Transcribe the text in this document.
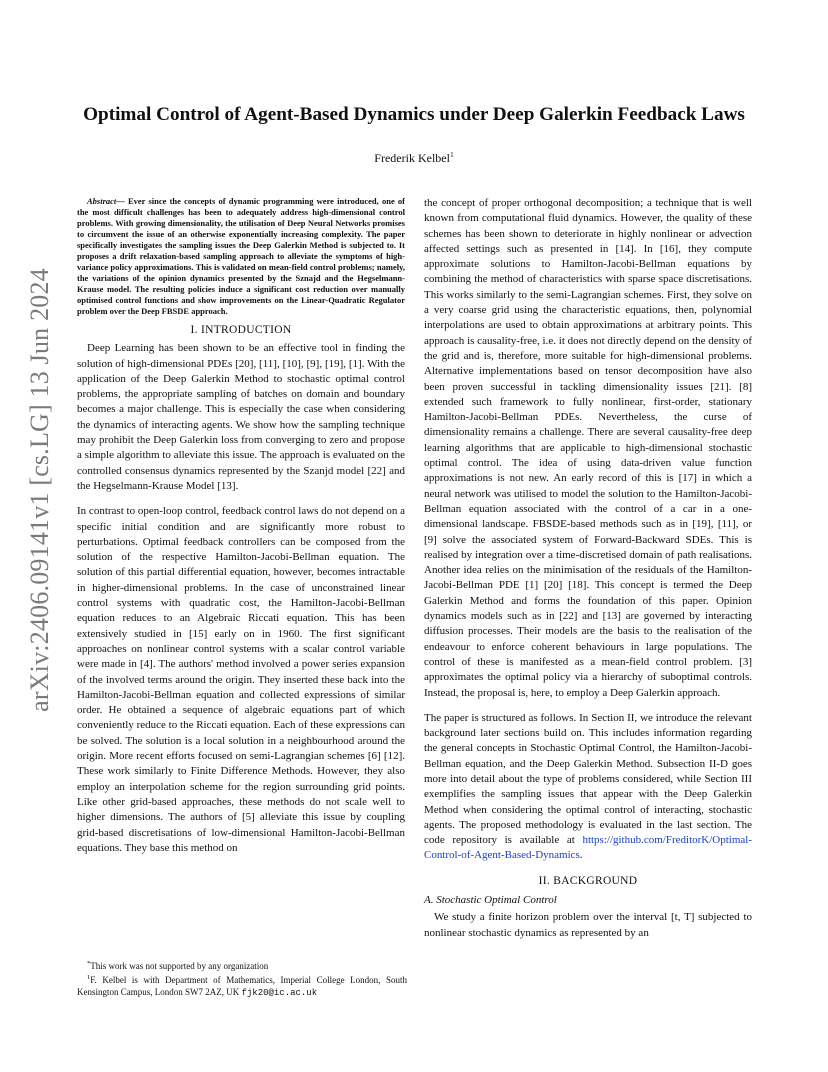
arXiv:2406.09141v1 [cs.LG] 13 Jun 2024
Optimal Control of Agent-Based Dynamics under Deep Galerkin Feedback Laws
Frederik Kelbel$^1$

Abstract— Ever since the concepts of dynamic programming were introduced, one of the most difficult challenges has been to adequately address high-dimensional control problems. With growing dimensionality, the utilisation of Deep Neural Networks promises to circumvent the issue of an otherwise exponentially increasing complexity. The paper specifically investigates the sampling issues the Deep Galerkin Method is subjected to. It proposes a drift relaxation-based sampling approach to alleviate the symptoms of high-variance policy approximations. This is validated on mean-field control problems; namely, the variations of the opinion dynamics presented by the Sznajd and the Hegselmann-Krause model. The resulting policies induce a significant cost reduction over manually optimised control functions and show improvements on the Linear-Quadratic Regulator problem over the Deep FBSDE approach.

I. INTRODUCTION

Deep Learning has been shown to be an effective tool in finding the solution of high-dimensional PDEs [20], [11], [10], [9], [19], [1]. With the application of the Deep Galerkin Method to stochastic optimal control problems, the appropriate sampling of batches on domain and boundary becomes a major challenge. This is especially the case when considering the dynamics of interacting agents. We show how the sampling technique may prohibit the Deep Galerkin loss from converging to zero and propose a simple algorithm to alleviate this issue. The approach is evaluated on the controlled consensus dynamics represented by the Szanjd model [22] and the Hegselmann-Krause Model [13].

In contrast to open-loop control, feedback control laws do not depend on a specific initial condition and are significantly more robust to perturbations. Optimal feedback controllers can be composed from the solution of the respective Hamilton-Jacobi-Bellman equation. The solution of this partial differential equation, however, becomes intractable in higher-dimensional problems. In the case of unconstrained linear control systems with quadratic cost, the Hamilton-Jacobi-Bellman equation reduces to an Algebraic Riccati equation. This has been extensively studied in [15] early on in 1960. The first significant approaches on nonlinear control systems with a scalar control variable were made in [4]. The authors' method involved a power series expansion of the involved terms around the origin. They inserted these back into the Hamilton-Jacobi-Bellman equation and collected expressions of similar order. He obtained a sequence of algebraic equations part of which conveniently reduce to the Riccati equation. Each of these expressions can be solved. The solution is a local solution in a neighbourhood around the origin. More recent efforts focused on semi-Lagrangian schemes [6] [12]. These work similarly to Finite Difference Methods. However, they also employ an interpolation scheme for the region surrounding grid points. Like other grid-based approaches, these methods do not scale well to higher dimensions. The authors of [5] alleviate this issue by coupling grid-based discretisations of low-dimensional Hamilton-Jacobi-Bellman equations. They base this method on

the concept of proper orthogonal decomposition; a technique that is well known from computational fluid dynamics. However, the quality of these schemes has been shown to deteriorate in highly nonlinear or advection affected settings such as presented in [14]. In [16], they compute approximate solutions to Hamilton-Jacobi-Bellman equations by combining the method of characteristics with sparse space discretisations. This works similarly to the semi-Lagrangian schemes. First, they solve on a very coarse grid using the characteristic equations, then, polynomial interpolations are used to obtain approximations at arbitrary points. This approach is causality-free, i.e. it does not directly depend on the density of the grid and is, therefore, more suitable for high-dimensional problems. Alternative implementations based on tensor decomposition have also been proven successful in tackling dimensionality issues [21]. [8] extended such framework to fully nonlinear, first-order, stationary Hamilton-Jacobi-Bellman PDEs. Nevertheless, the curse of dimensionality remains a challenge. There are several causality-free deep learning algorithms that are applicable to high-dimensional stochastic optimal control. The idea of using data-driven value function approximations is not new. An early record of this is [17] in which a neural network was utilised to model the solution to the Hamilton-Jacobi-Bellman equation associated with the control of a car in a one-dimensional landscape. FBSDE-based methods such as in [19], [11], or [9] solve the associated system of Forward-Backward SDEs. This is realised by integration over a time-discretised domain of path realisations. Another idea relies on the minimisation of the residuals of the Hamilton-Jacobi-Bellman PDE [1] [20] [18]. This concept is termed the Deep Galerkin Method and forms the foundation of this paper. Opinion dynamics models such as in [22] and [13] are governed by interacting diffusion processes. Their models are the basis to the realisation of the endeavour to enforce coherent behaviours in large populations. The control of these is manifested as a mean-field control problem. [3] approximates the optimal policy via a hierarchy of suboptimal controls. Instead, the proposal is, here, to employ a Deep Galerkin approach.

The paper is structured as follows. In Section II, we introduce the relevant background later sections build on. This includes information regarding the general concepts in Stochastic Optimal Control, the Hamilton-Jacobi-Bellman equation, and the Deep Galerkin Method. Subsection II-D goes more into detail about the type of problems considered, while Section III exemplifies the sampling issues that appear with the Deep Galerkin Method when considering the optimal control of interacting, stochastic agents. The proposed methodology is evaluated in the last section. The code repository is available at https://github.com/FreditorK/Optimal-Control-of-Agent-Based-Dynamics.

II. BACKGROUND
A. Stochastic Optimal Control

We study a finite horizon problem over the interval [t, T] subjected to nonlinear stochastic dynamics as represented by an

*This work was not supported by any organization

$^1$F. Kelbel is with Department of Mathematics, Imperial College London, South Kensington Campus, London SW7 2AZ, UK fjk20@ic.ac.uk
